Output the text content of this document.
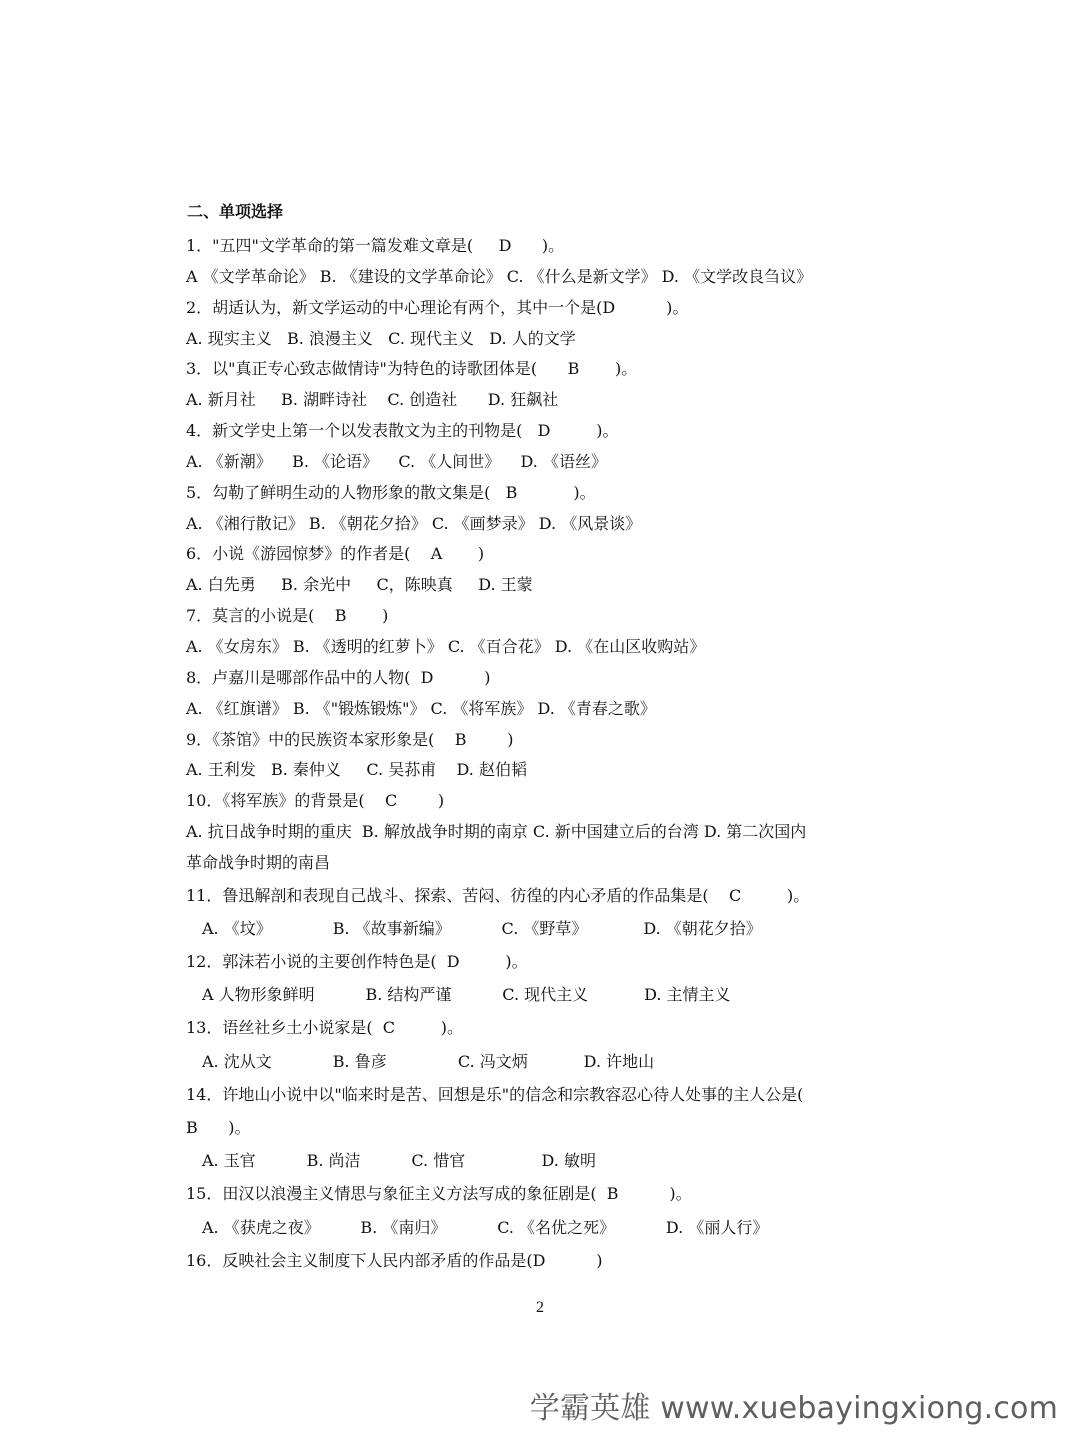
二、单项选择
1．"五四"文学革命的第一篇发难文章是(     D      )。
A 《文学革命论》 B. 《建设的文学革命论》 C. 《什么是新文学》 D. 《文学改良刍议》
2．胡适认为，新文学运动的中心理论有两个，其中一个是(D          )。
A. 现实主义   B. 浪漫主义   C. 现代主义   D. 人的文学
3．以"真正专心致志做情诗"为特色的诗歌团体是(      B       )。
A. 新月社     B. 湖畔诗社    C. 创造社      D. 狂飙社
4．新文学史上第一个以发表散文为主的刊物是(   D         )。
A. 《新潮》    B. 《论语》    C. 《人间世》    D. 《语丝》
5．勾勒了鲜明生动的人物形象的散文集是(   B           )。
A. 《湘行散记》 B. 《朝花夕拾》 C. 《画梦录》 D. 《风景谈》
6．小说《游园惊梦》的作者是(    A       )
A. 白先勇     B. 余光中     C，陈映真     D. 王蒙
7．莫言的小说是(    B       )
A. 《女房东》 B. 《透明的红萝卜》 C. 《百合花》 D. 《在山区收购站》
8．卢嘉川是哪部作品中的人物(  D          )
A. 《红旗谱》 B. 《"锻炼锻炼"》 C. 《将军族》 D. 《青春之歌》
9．《茶馆》中的民族资本家形象是(    B        )
A. 王利发   B. 秦仲义     C. 吴荪甫    D. 赵伯韬
10．《将军族》的背景是(    C        )
A. 抗日战争时期的重庆  B. 解放战争时期的南京 C. 新中国建立后的台湾 D. 第二次国内
革命战争时期的南昌
11．鲁迅解剖和表现自己战斗、探索、苦闷、彷徨的内心矛盾的作品集是(    C         )。
A. 《坟》            B. 《故事新编》          C. 《野草》           D. 《朝花夕拾》
12．郭沫若小说的主要创作特色是(  D         )。
A 人物形象鲜明          B. 结构严谨          C. 现代主义           D. 主情主义
13．语丝社乡土小说家是(  C         )。
A. 沈从文            B. 鲁彦              C. 冯文炳           D. 许地山
14．许地山小说中以"临来时是苦、回想是乐"的信念和宗教容忍心待人处事的主人公是(
B      )。
A. 玉官          B. 尚洁          C. 惜官               D. 敏明
15．田汉以浪漫主义情思与象征主义方法写成的象征剧是(  B          )。
A. 《获虎之夜》        B. 《南归》          C. 《名优之死》          D. 《丽人行》
16．反映社会主义制度下人民内部矛盾的作品是(D          )
2
学霸英雄 www.xuebayingxiong.com
